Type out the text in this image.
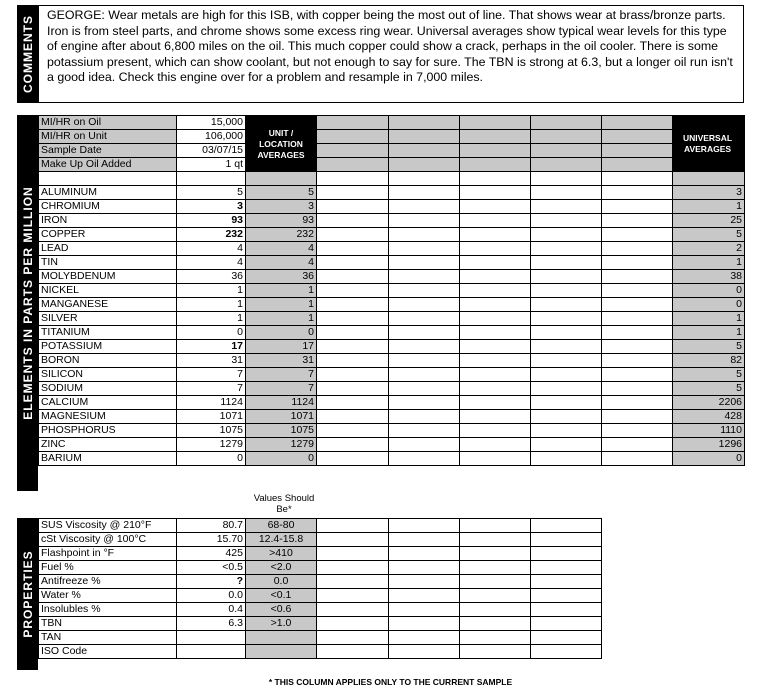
COMMENTS	GEORGE: Wear metals are high for this ISB, with copper being the most out of line. That shows wear at brass/bronze parts. Iron is from steel parts, and chrome shows some excess ring wear. Universal averages show typical wear levels for this type of engine after about 6,800 miles on the oil. This much copper could show a crack, perhaps in the oil cooler. There is some potassium present, which can show coolant, but not enough to say for sure. The TBN is strong at 6.3, but a longer oil run isn't a good idea. Check this engine over for a problem and resample in 7,000 miles.
ELEMENTS IN PARTS PER MILLION
PROPERTIES
MI/HR on Oil	15,000							
MI/HR on Unit	106,000							
Sample Date	03/07/15							
Make Up Oil Added	1 qt							

ALUMINUM	5	5						3
CHROMIUM	3	3						1
IRON	93	93						25
COPPER	232	232						5
LEAD	4	4						2
TIN	4	4						1
MOLYBDENUM	36	36						38
NICKEL	1	1						0
MANGANESE	1	1						0
SILVER	1	1						1
TITANIUM	0	0						1
POTASSIUM	17	17						5
BORON	31	31						82
SILICON	7	7						5
SODIUM	7	7						5
CALCIUM	1124	1124						2206
MAGNESIUM	1071	1071						428
PHOSPHORUS	1075	1075						1110
ZINC	1279	1279						1296
BARIUM	0	0						0
UNIT / LOCATION AVERAGES
UNIVERSAL AVERAGES
Values Should Be*
SUS Viscosity @ 210°F	80.7	68-80				
cSt Viscosity @ 100°C	15.70	12.4-15.8				
Flashpoint in °F	425	>410				
Fuel %	<0.5	<2.0				
Antifreeze %	?	0.0				
Water %	0.0	<0.1				
Insolubles %	0.4	<0.6				
TBN	6.3	>1.0				
TAN						
ISO Code						
* THIS COLUMN APPLIES ONLY TO THE CURRENT SAMPLE
